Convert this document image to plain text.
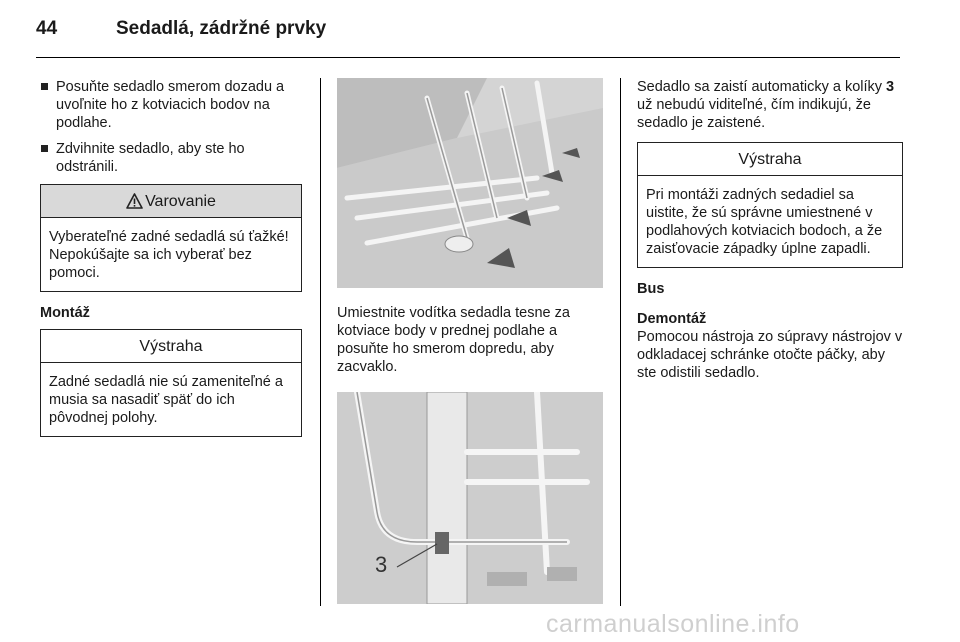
44	Sedadlá, zádržné prvky
Posuňte sedadlo smerom dozadu a uvoľnite ho z kotviacich bodov na podlahe.
Zdvihnite sedadlo, aby ste ho odstránili.
Varovanie
Vyberateľné zadné sedadlá sú ťažké! Nepokúšajte sa ich vyberať bez pomoci.
Montáž
Výstraha
Zadné sedadlá nie sú zameniteľné a musia sa nasadiť späť do ich pôvodnej polohy.
Umiestnite vodítka sedadla tesne za kotviace body v prednej podlahe a posuňte ho smerom dopredu, aby zacvaklo.
3
Sedadlo sa zaistí automaticky a kolíky 3 už nebudú viditeľné, čím indikujú, že sedadlo je zaistené.
Výstraha
Pri montáži zadných sedadiel sa uistite, že sú správne umiestnené v podlahových kotviacich bodoch, a že zaisťovacie západky úplne zapadli.
Bus
Demontáž
Pomocou nástroja zo súpravy nástrojov v odkladacej schránke otočte páčky, aby ste odistili sedadlo.
carmanualsonline.info
